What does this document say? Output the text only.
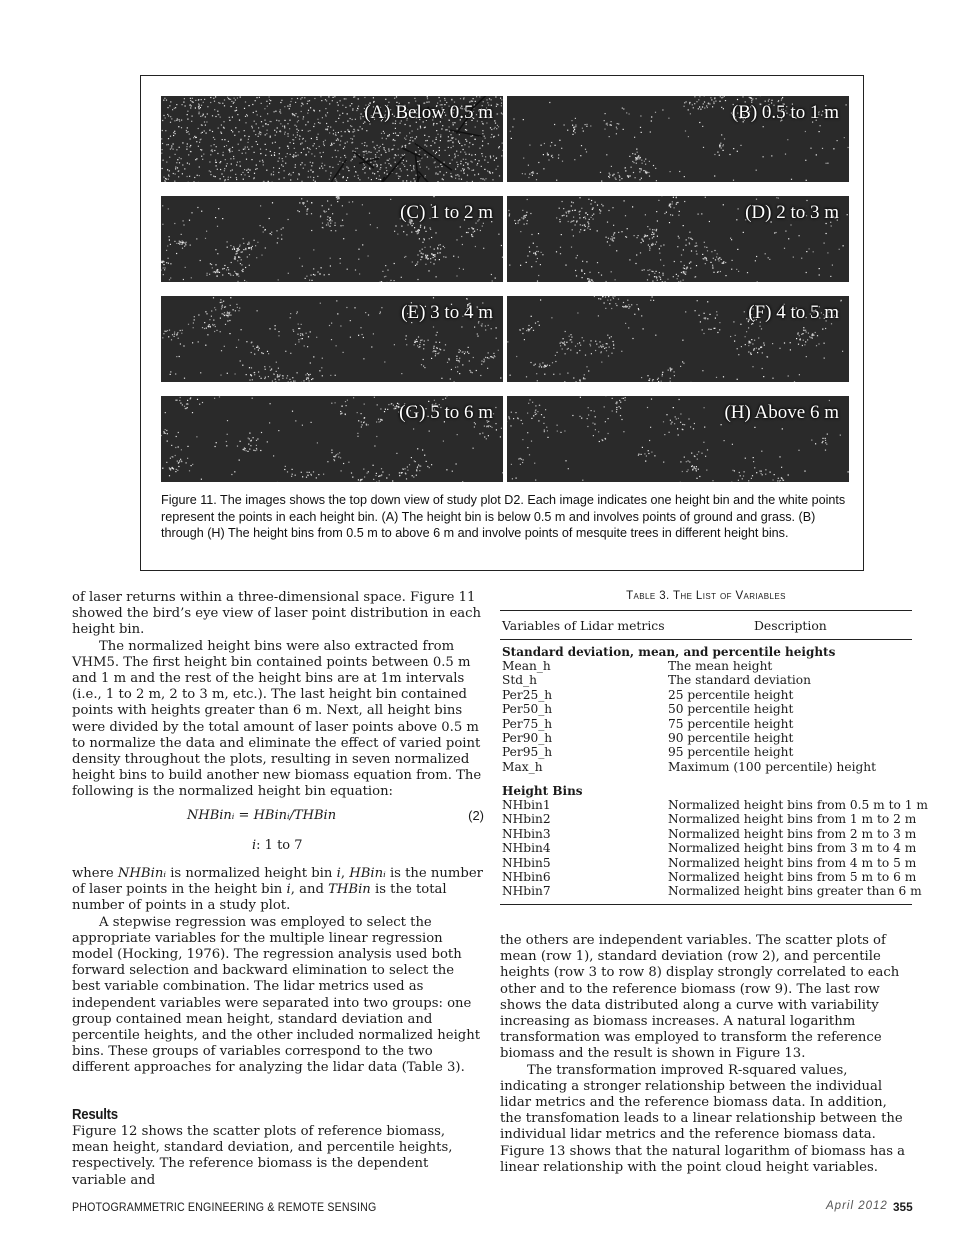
(A) Below 0.5 m	(B) 0.5 to 1 m
(C) 1 to 2 m	(D) 2 to 3 m
(E) 3 to 4 m	(F) 4 to 5 m
(G) 5 to 6 m	(H) Above 6 m
Figure 11. The images shows the top down view of study plot D2. Each image indicates one height bin and the white points represent the points in each height bin. (A) The height bin is below 0.5 m and involves points of ground and grass. (B) through (H) The height bins from 0.5 m to above 6 m and involve points of mesquite trees in different height bins.

of laser returns within a three-dimensional space. Figure 11 showed the bird’s eye view of laser point distribution in each height bin.

The normalized height bins were also extracted from
VHM5. The first height bin contained points between 0.5 m and 1 m and the rest of the height bins are at 1m intervals (i.e., 1 to 2 m, 2 to 3 m, etc.). The last height bin contained points with heights greater than 6 m. Next, all height bins were divided by the total amount of laser points above 0.5 m to normalize the data and eliminate the effect of varied point density throughout the plots, resulting in seven normalized height bins to build another new biomass equation from. The following is the normalized height bin equation:

NHBinᵢ = HBinᵢ/THBin	(2)
i: 1 to 7

where NHBinᵢ is normalized height bin i, HBinᵢ is the number of laser points in the height bin i, and THBin is the total number of points in a study plot.

A stepwise regression was employed to select the appropriate variables for the multiple linear regression model (Hocking, 1976). The regression analysis used both forward selection and backward elimination to select the best variable combination. The lidar metrics used as independent variables were separated into two groups: one group contained mean height, standard deviation and percentile heights, and the other included normalized height bins. These groups of variables correspond to the two different approaches for analyzing the lidar data (Table 3).

Results

Figure 12 shows the scatter plots of reference biomass, mean height, standard deviation, and percentile heights, respectively. The reference biomass is the dependent variable and

Table 3. The List of Variables
Variables of Lidar metrics	Description
Standard deviation, mean, and percentile heights
Mean_h	The mean height
Std_h	The standard deviation
Per25_h	25 percentile height
Per50_h	50 percentile height
Per75_h	75 percentile height
Per90_h	90 percentile height
Per95_h	95 percentile height
Max_h	Maximum (100 percentile) height
Height Bins
NHbin1	Normalized height bins from 0.5 m to 1 m
NHbin2	Normalized height bins from 1 m to 2 m
NHbin3	Normalized height bins from 2 m to 3 m
NHbin4	Normalized height bins from 3 m to 4 m
NHbin5	Normalized height bins from 4 m to 5 m
NHbin6	Normalized height bins from 5 m to 6 m
NHbin7	Normalized height bins greater than 6 m

the others are independent variables. The scatter plots of mean (row 1), standard deviation (row 2), and percentile heights (row 3 to row 8) display strongly correlated to each other and to the reference biomass (row 9). The last row shows the data distributed along a curve with variability increasing as biomass increases. A natural logarithm transformation was employed to transform the reference biomass and the result is shown in Figure 13.

The transformation improved R-squared values, indicating a stronger relationship between the individual lidar metrics and the reference biomass data. In addition, the transfomation leads to a linear relationship between the individual lidar metrics and the reference biomass data. Figure 13 shows that the natural logarithm of biomass has a linear relationship with the point cloud height variables.

PHOTOGRAMMETRIC ENGINEERING & REMOTE SENSING	April 2012 355
